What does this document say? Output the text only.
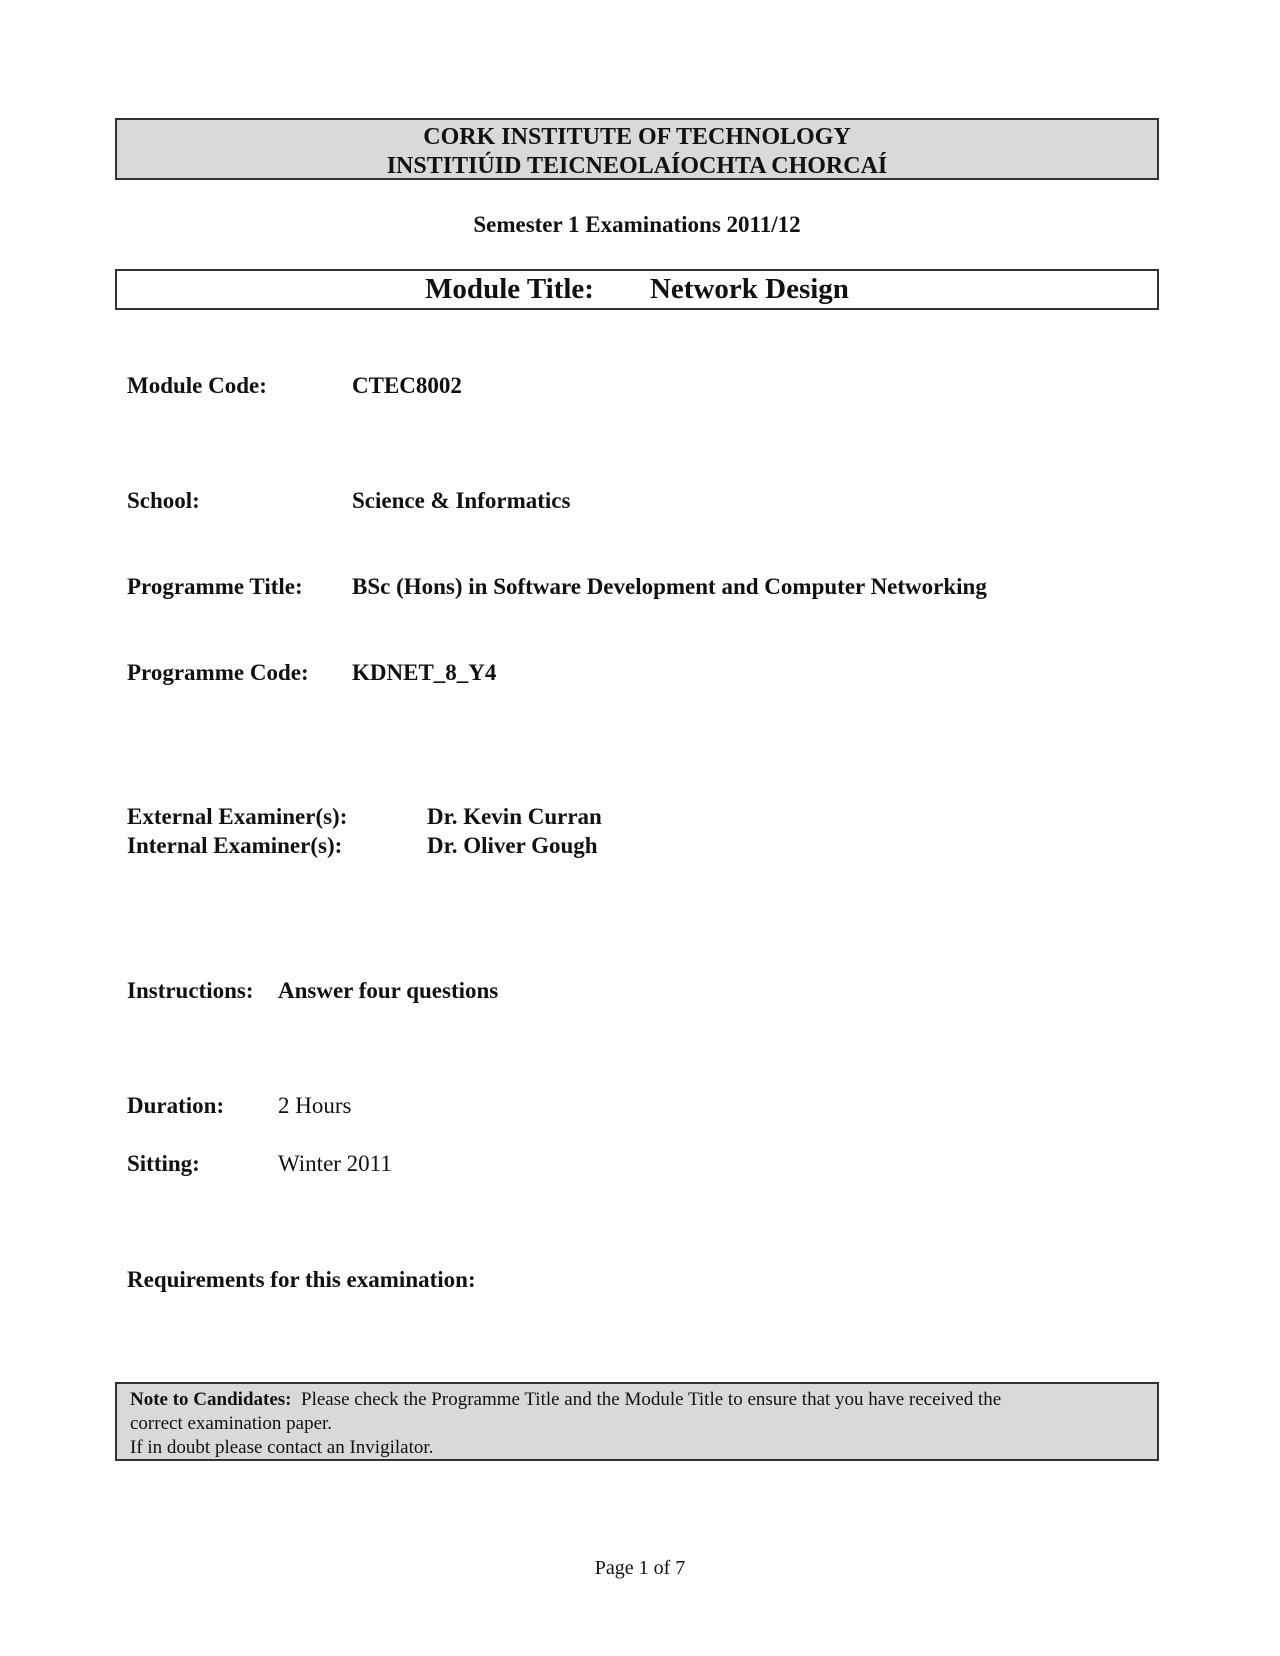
CORK INSTITUTE OF TECHNOLOGY
INSTITIÚID TEICNEOLAÍOCHTA CHORCAÍ
Semester 1 Examinations 2011/12
Module Title: Network Design
Module Code:	CTEC8002
School:	Science & Informatics
Programme Title: BSc (Hons) in Software Development and Computer Networking
Programme Code: KDNET_8_Y4
External Examiner(s):	Dr. Kevin Curran
Internal Examiner(s):	Dr. Oliver Gough
Instructions: Answer four questions
Duration: 2 Hours
Sitting:	Winter 2011
Requirements for this examination:
Note to Candidates: Please check the Programme Title and the Module Title to ensure that you have received the
correct examination paper.
If in doubt please contact an Invigilator.
Page 1 of 7
